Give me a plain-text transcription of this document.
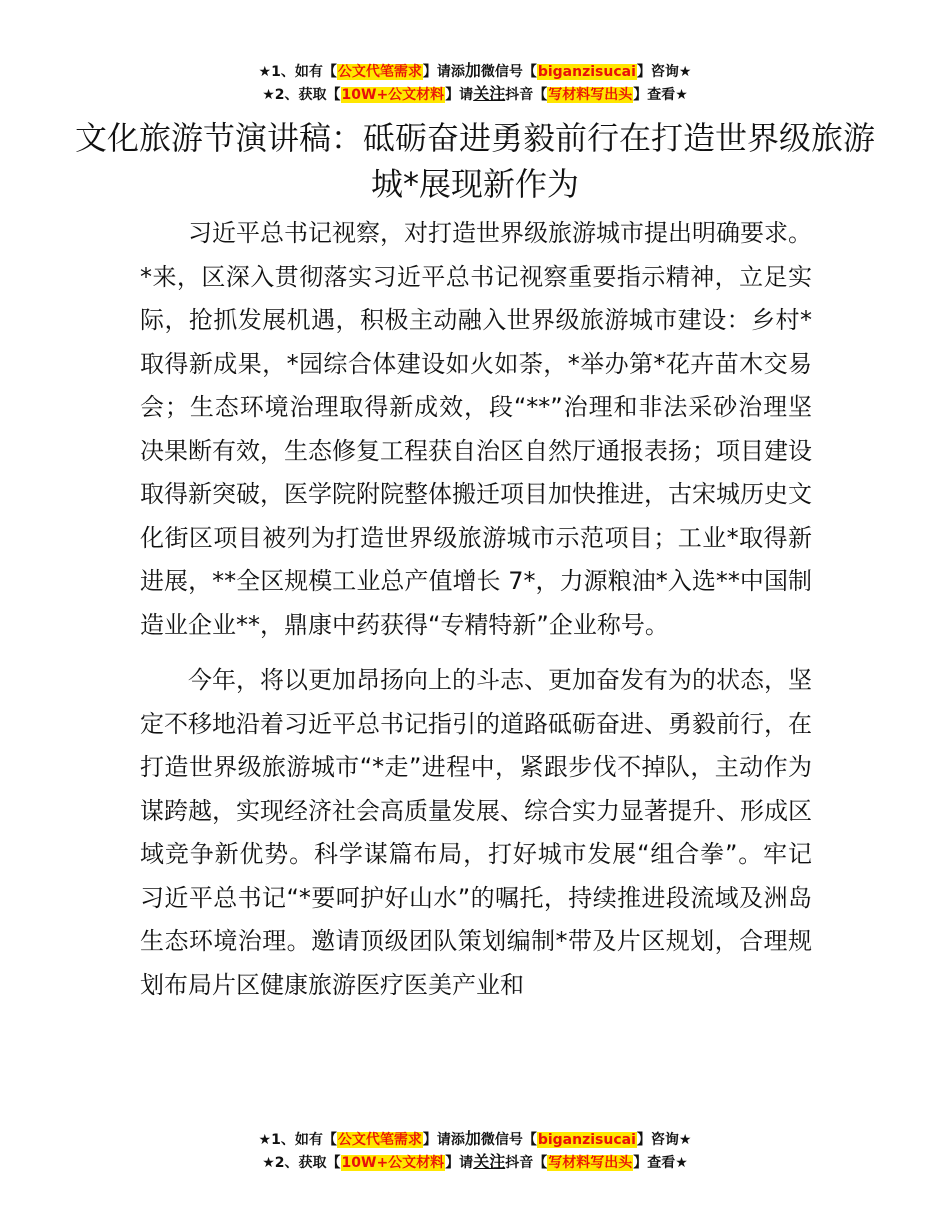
★1、如有【公文代笔需求】请添加微信号【biganzisucai】咨询★
★2、获取【10W+公文材料】请关注抖音【写材料写出头】查看★
文化旅游节演讲稿：砥砺奋进勇毅前行在打造世界级旅游城*展现新作为

习近平总书记视察，对打造世界级旅游城市提出明确要求。*来，区深入贯彻落实习近平总书记视察重要指示精神，立足实际，抢抓发展机遇，积极主动融入世界级旅游城市建设：乡村*取得新成果，*园综合体建设如火如荼，*举办第*花卉苗木交易会；生态环境治理取得新成效，段“**”治理和非法采砂治理坚决果断有效，生态修复工程获自治区自然厅通报表扬；项目建设取得新突破，医学院附院整体搬迁项目加快推进，古宋城历史文化街区项目被列为打造世界级旅游城市示范项目；工业*取得新进展，**全区规模工业总产值增长 7*，力源粮油*入选**中国制造业企业**，鼎康中药获得“专精特新”企业称号。

今年，将以更加昂扬向上的斗志、更加奋发有为的状态，坚定不移地沿着习近平总书记指引的道路砥砺奋进、勇毅前行，在打造世界级旅游城市“*走”进程中，紧跟步伐不掉队，主动作为谋跨越，实现经济社会高质量发展、综合实力显著提升、形成区域竞争新优势。科学谋篇布局，打好城市发展“组合拳”。牢记习近平总书记“*要呵护好山水”的嘱托，持续推进段流域及洲岛生态环境治理。邀请顶级团队策划编制*带及片区规划，合理规划布局片区健康旅游医疗医美产业和

★1、如有【公文代笔需求】请添加微信号【biganzisucai】咨询★
★2、获取【10W+公文材料】请关注抖音【写材料写出头】查看★
